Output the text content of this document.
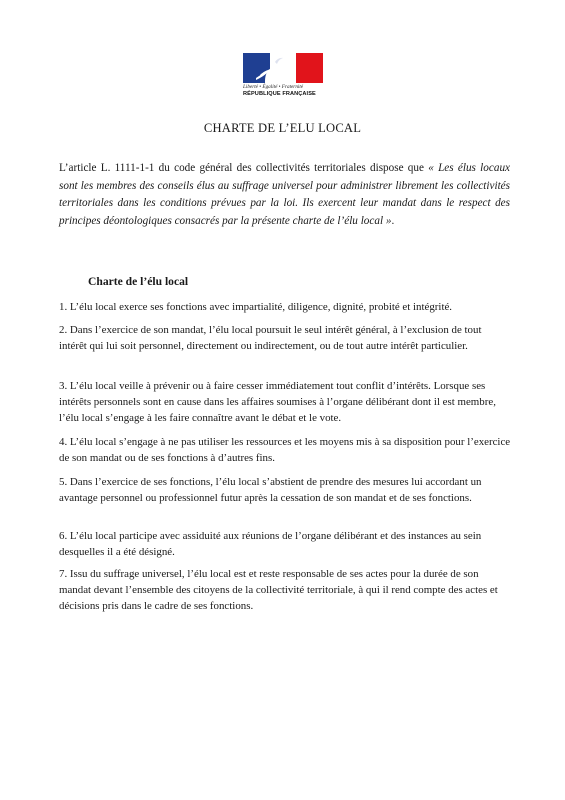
Liberté • Égalité • Fraternité
RÉPUBLIQUE FRANÇAISE
CHARTE DE L’ELU LOCAL

L’article L. 1111-1-1 du code général des collectivités territoriales dispose que « Les élus locaux sont les membres des conseils élus au suffrage universel pour administrer librement les collectivités territoriales dans les conditions prévues par la loi. Ils exercent leur mandat dans le respect des principes déontologiques consacrés par la présente charte de l’élu local ».

Charte de l’élu local

1. L’élu local exerce ses fonctions avec impartialité, diligence, dignité, probité et intégrité.

2. Dans l’exercice de son mandat, l’élu local poursuit le seul intérêt général, à l’exclusion de tout intérêt qui lui soit personnel, directement ou indirectement, ou de tout autre intérêt particulier.

3. L’élu local veille à prévenir ou à faire cesser immédiatement tout conflit d’intérêts. Lorsque ses intérêts personnels sont en cause dans les affaires soumises à l’organe délibérant dont il est membre, l’élu local s’engage à les faire connaître avant le débat et le vote.

4. L’élu local s’engage à ne pas utiliser les ressources et les moyens mis à sa disposition pour l’exercice de son mandat ou de ses fonctions à d’autres fins.

5. Dans l’exercice de ses fonctions, l’élu local s’abstient de prendre des mesures lui accordant un avantage personnel ou professionnel futur après la cessation de son mandat et de ses fonctions.

6. L’élu local participe avec assiduité aux réunions de l’organe délibérant et des instances au sein desquelles il a été désigné.

7. Issu du suffrage universel, l’élu local est et reste responsable de ses actes pour la durée de son mandat devant l’ensemble des citoyens de la collectivité territoriale, à qui il rend compte des actes et décisions pris dans le cadre de ses fonctions.
